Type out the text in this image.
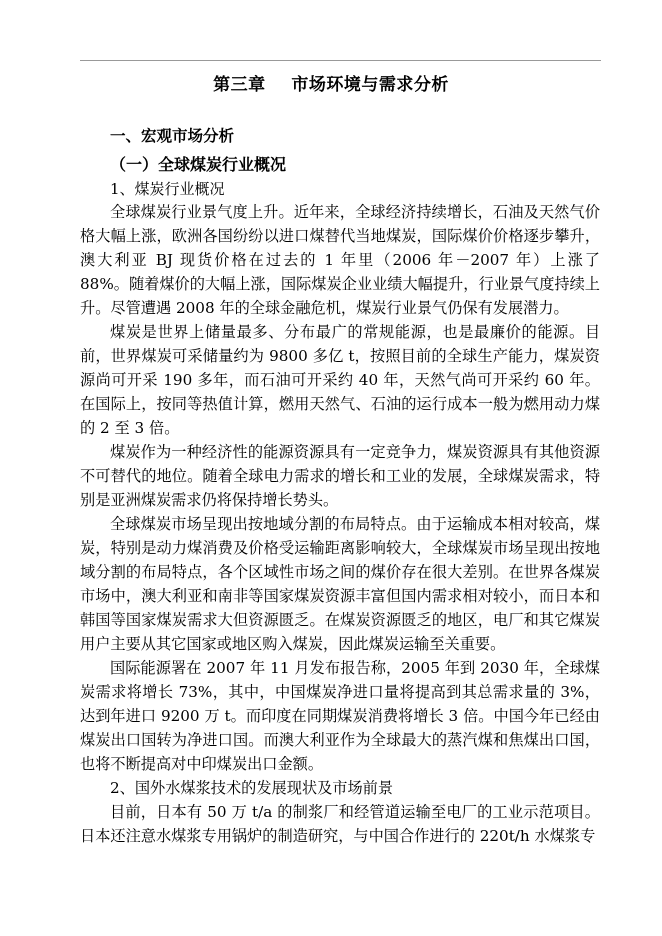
第三章    市场环境与需求分析
一、宏观市场分析
（一）全球煤炭行业概况
1、煤炭行业概况

全球煤炭行业景气度上升。近年来，全球经济持续增长，石油及天然气价格大幅上涨，欧洲各国纷纷以进口煤替代当地煤炭，国际煤价价格逐步攀升，澳大利亚 BJ 现货价格在过去的 1 年里（2006 年－2007 年）上涨了 88%。随着煤价的大幅上涨，国际煤炭企业业绩大幅提升，行业景气度持续上升。尽管遭遇 2008 年的全球金融危机，煤炭行业景气仍保有发展潜力。

煤炭是世界上储量最多、分布最广的常规能源，也是最廉价的能源。目前，世界煤炭可采储量约为 9800 多亿 t，按照目前的全球生产能力，煤炭资源尚可开采 190 多年，而石油可开采约 40 年，天然气尚可开采约 60 年。在国际上，按同等热值计算，燃用天然气、石油的运行成本一般为燃用动力煤的 2 至 3 倍。

煤炭作为一种经济性的能源资源具有一定竞争力，煤炭资源具有其他资源不可替代的地位。随着全球电力需求的增长和工业的发展，全球煤炭需求，特别是亚洲煤炭需求仍将保持增长势头。

全球煤炭市场呈现出按地域分割的布局特点。由于运输成本相对较高，煤炭，特别是动力煤消费及价格受运输距离影响较大，全球煤炭市场呈现出按地域分割的布局特点，各个区域性市场之间的煤价存在很大差别。在世界各煤炭市场中，澳大利亚和南非等国家煤炭资源丰富但国内需求相对较小，而日本和韩国等国家煤炭需求大但资源匮乏。在煤炭资源匮乏的地区，电厂和其它煤炭用户主要从其它国家或地区购入煤炭，因此煤炭运输至关重要。

国际能源署在 2007 年 11 月发布报告称，2005 年到 2030 年，全球煤炭需求将增长 73%，其中，中国煤炭净进口量将提高到其总需求量的 3%，达到年进口 9200 万 t。而印度在同期煤炭消费将增长 3 倍。中国今年已经由煤炭出口国转为净进口国。而澳大利亚作为全球最大的蒸汽煤和焦煤出口国，也将不断提高对中印煤炭出口金额。

2、国外水煤浆技术的发展现状及市场前景

目前，日本有 50 万 t/a 的制浆厂和经管道运输至电厂的工业示范项目。日本还注意水煤浆专用锅炉的制造研究，与中国合作进行的 220t/h 水煤浆专
